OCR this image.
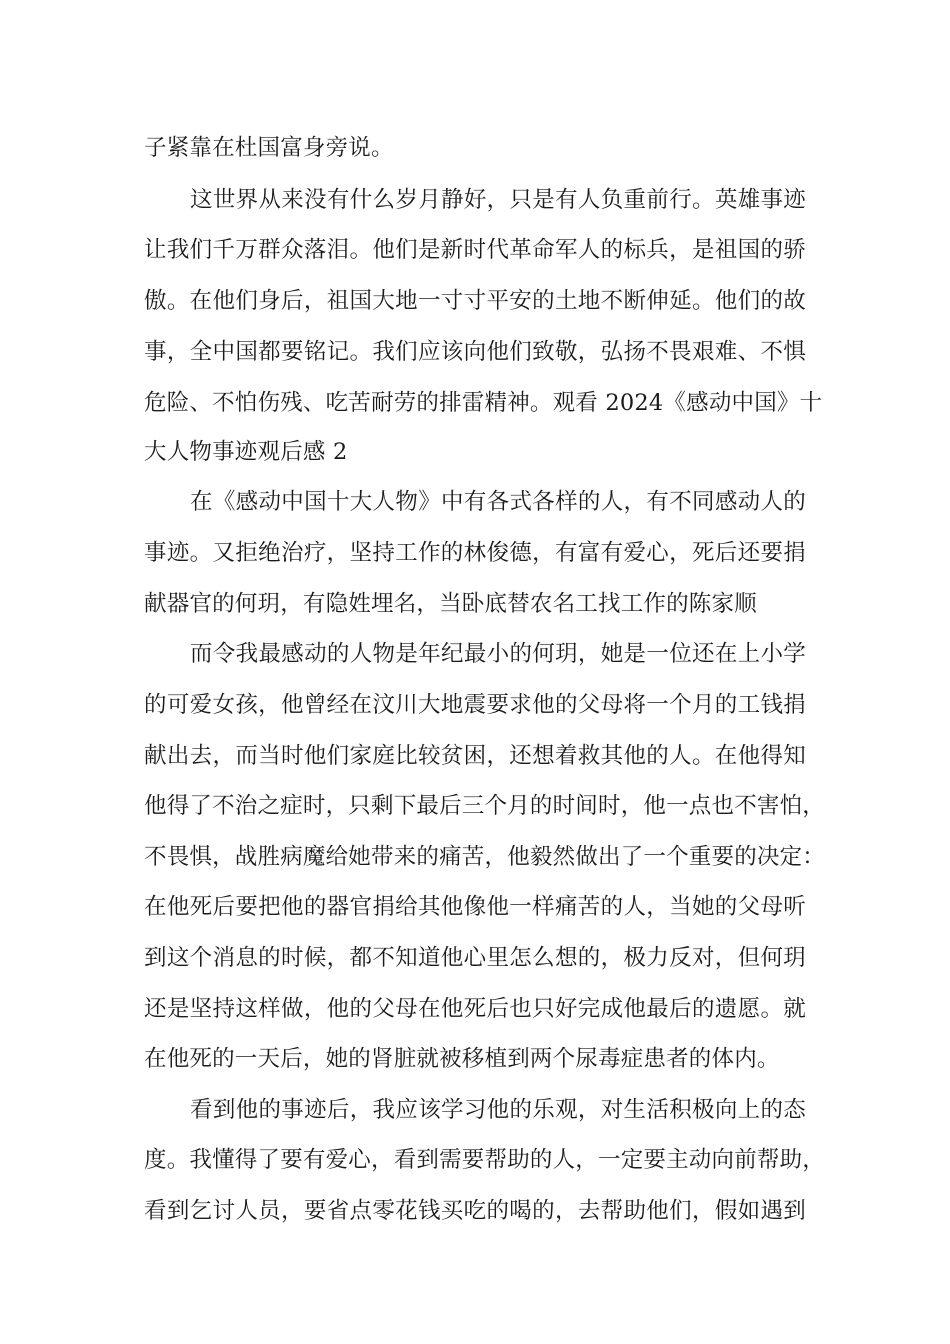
子紧靠在杜国富身旁说。
这世界从来没有什么岁月静好，只是有人负重前行。英雄事迹
让我们千万群众落泪。他们是新时代革命军人的标兵，是祖国的骄
傲。在他们身后，祖国大地一寸寸平安的土地不断伸延。他们的故
事，全中国都要铭记。我们应该向他们致敬，弘扬不畏艰难、不惧
危险、不怕伤残、吃苦耐劳的排雷精神。观看 2024《感动中国》十
大人物事迹观后感 2
在《感动中国十大人物》中有各式各样的人，有不同感动人的
事迹。又拒绝治疗，坚持工作的林俊德，有富有爱心，死后还要捐
献器官的何玥，有隐姓埋名，当卧底替农名工找工作的陈家顺
而令我最感动的人物是年纪最小的何玥，她是一位还在上小学
的可爱女孩，他曾经在汶川大地震要求他的父母将一个月的工钱捐
献出去，而当时他们家庭比较贫困，还想着救其他的人。在他得知
他得了不治之症时，只剩下最后三个月的时间时，他一点也不害怕，
不畏惧，战胜病魔给她带来的痛苦，他毅然做出了一个重要的决定：
在他死后要把他的器官捐给其他像他一样痛苦的人，当她的父母听
到这个消息的时候，都不知道他心里怎么想的，极力反对，但何玥
还是坚持这样做，他的父母在他死后也只好完成他最后的遗愿。就
在他死的一天后，她的肾脏就被移植到两个尿毒症患者的体内。
看到他的事迹后，我应该学习他的乐观，对生活积极向上的态
度。我懂得了要有爱心，看到需要帮助的人，一定要主动向前帮助，
看到乞讨人员，要省点零花钱买吃的喝的，去帮助他们，假如遇到
